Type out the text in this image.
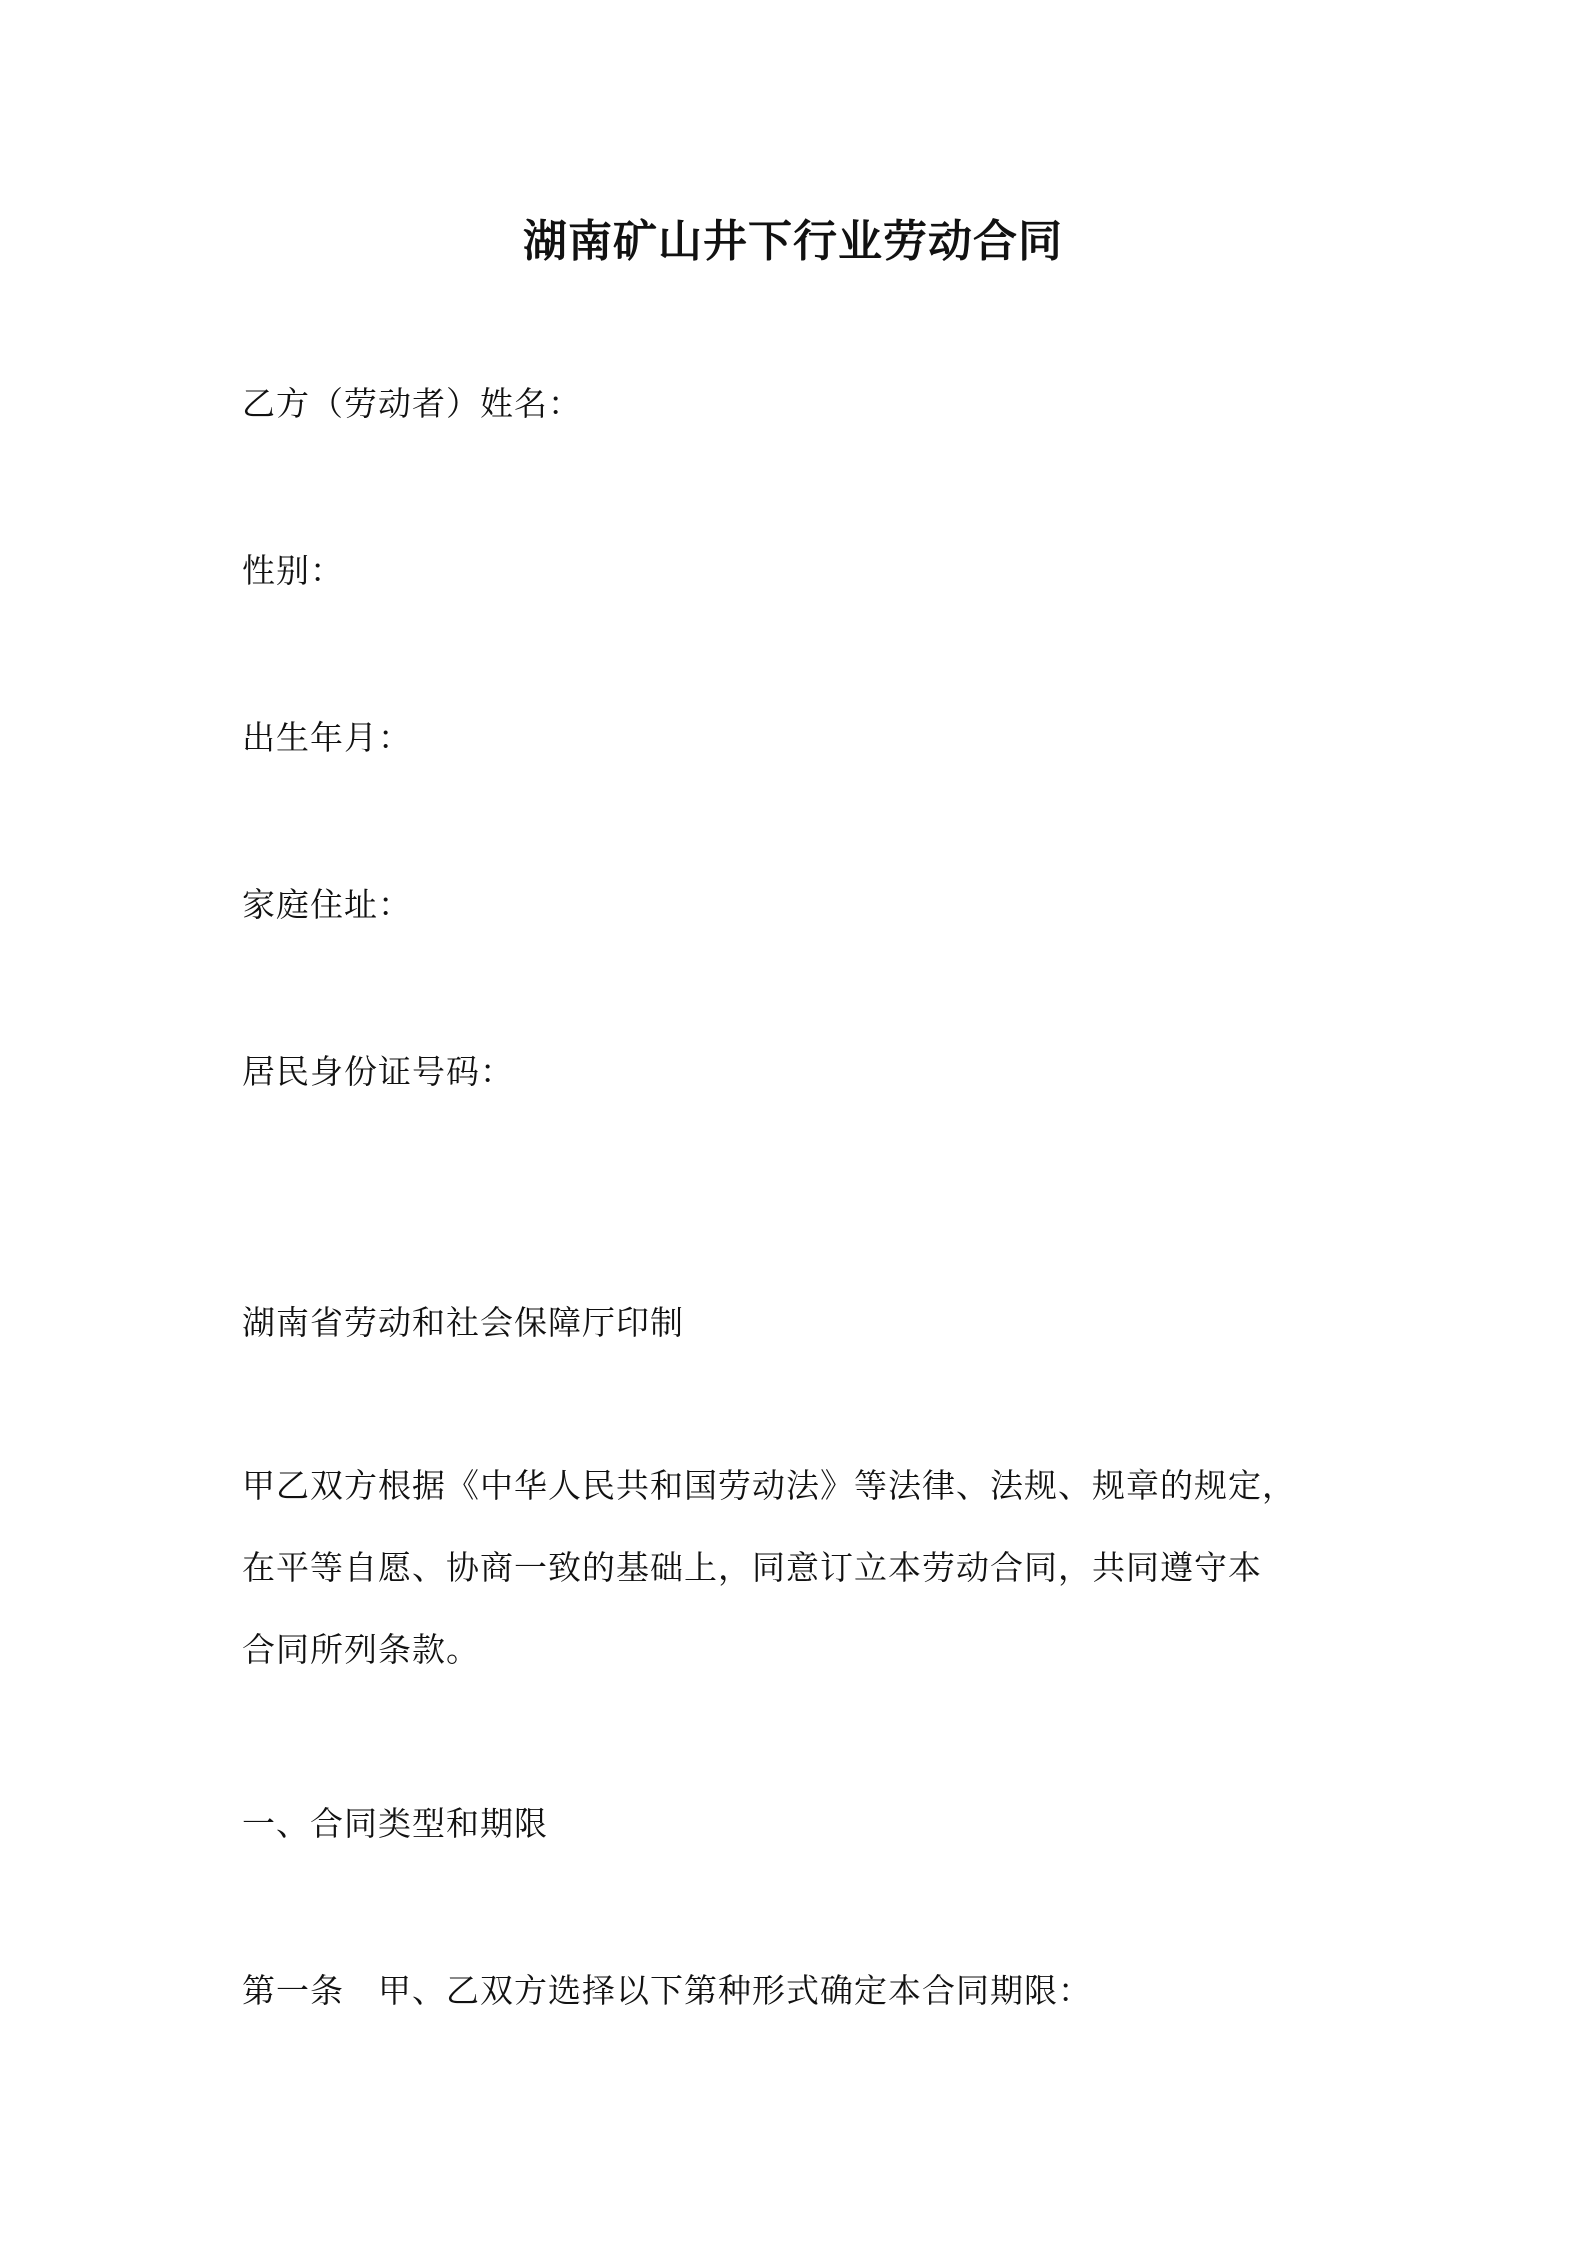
湖南矿山井下行业劳动合同
乙方（劳动者）姓名：
性别：
出生年月：
家庭住址：
居民身份证号码：
湖南省劳动和社会保障厅印制
甲乙双方根据《中华人民共和国劳动法》等法律、法规、规章的规定，
在平等自愿、协商一致的基础上，同意订立本劳动合同，共同遵守本
合同所列条款。
一、合同类型和期限
第一条　甲、乙双方选择以下第种形式确定本合同期限：
